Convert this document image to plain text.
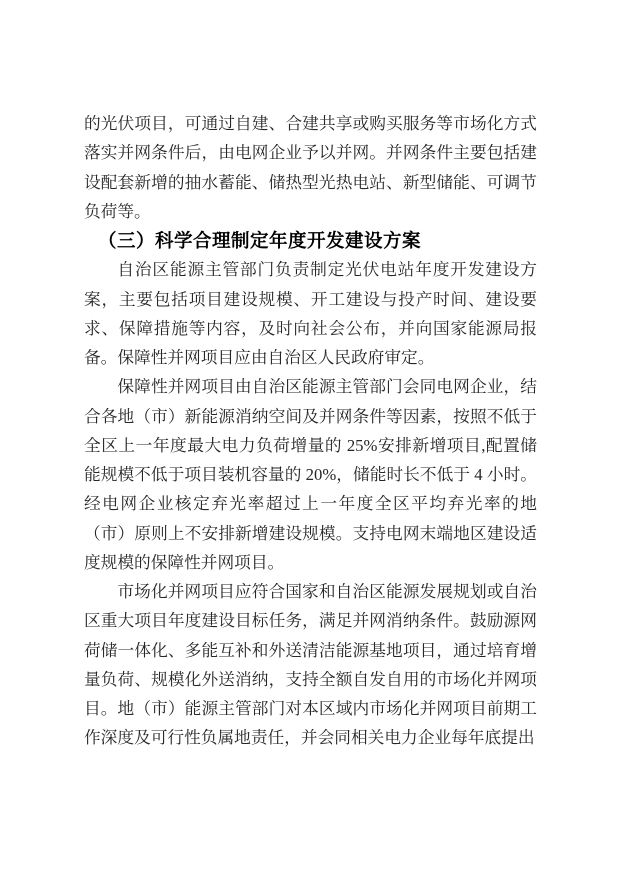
的光伏项目，可通过自建、合建共享或购买服务等市场化方式落实并网条件后，由电网企业予以并网。并网条件主要包括建设配套新增的抽水蓄能、储热型光热电站、新型储能、可调节负荷等。

（三）科学合理制定年度开发建设方案

自治区能源主管部门负责制定光伏电站年度开发建设方案，主要包括项目建设规模、开工建设与投产时间、建设要求、保障措施等内容，及时向社会公布，并向国家能源局报备。保障性并网项目应由自治区人民政府审定。

保障性并网项目由自治区能源主管部门会同电网企业，结合各地（市）新能源消纳空间及并网条件等因素，按照不低于全区上一年度最大电力负荷增量的 25%安排新增项目,配置储能规模不低于项目装机容量的 20%，储能时长不低于 4 小时。经电网企业核定弃光率超过上一年度全区平均弃光率的地（市）原则上不安排新增建设规模。支持电网末端地区建设适度规模的保障性并网项目。

市场化并网项目应符合国家和自治区能源发展规划或自治区重大项目年度建设目标任务，满足并网消纳条件。鼓励源网荷储一体化、多能互补和外送清洁能源基地项目，通过培育增量负荷、规模化外送消纳，支持全额自发自用的市场化并网项目。地（市）能源主管部门对本区域内市场化并网项目前期工作深度及可行性负属地责任，并会同相关电力企业每年底提出
